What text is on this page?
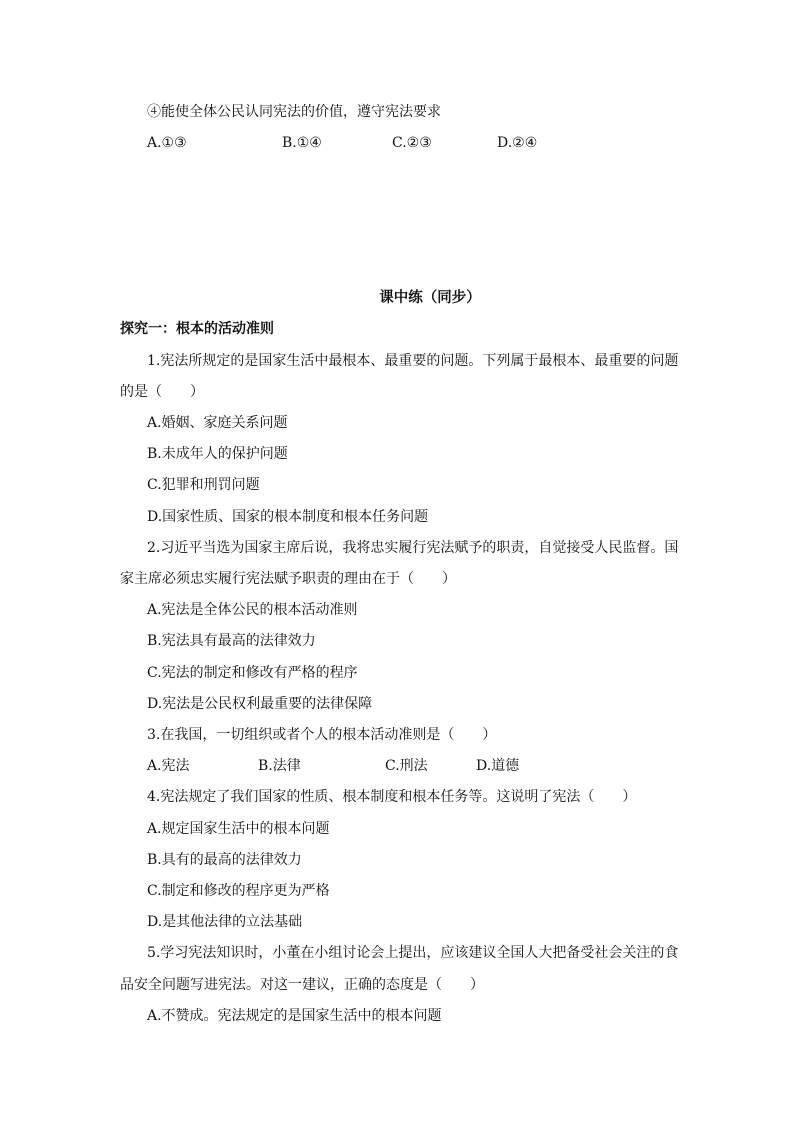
④能使全体公民认同宪法的价值，遵守宪法要求
A.①③	B.①④	C.②③	D.②④
课中练（同步）
探究一：根本的活动准则
1.宪法所规定的是国家生活中最根本、最重要的问题。下列属于最根本、最重要的问题
的是（　　）
A.婚姻、家庭关系问题
B.未成年人的保护问题
C.犯罪和刑罚问题
D.国家性质、国家的根本制度和根本任务问题
2.习近平当选为国家主席后说，我将忠实履行宪法赋予的职责，自觉接受人民监督。国
家主席必须忠实履行宪法赋予职责的理由在于（　　）
A.宪法是全体公民的根本活动准则
B.宪法具有最高的法律效力
C.宪法的制定和修改有严格的程序
D.宪法是公民权利最重要的法律保障
3.在我国，一切组织或者个人的根本活动准则是（　　）
A.宪法	B.法律	C.刑法	D.道德
4.宪法规定了我们国家的性质、根本制度和根本任务等。这说明了宪法（　　）
A.规定国家生活中的根本问题
B.具有的最高的法律效力
C.制定和修改的程序更为严格
D.是其他法律的立法基础
5.学习宪法知识时，小董在小组讨论会上提出，应该建议全国人大把备受社会关注的食
品安全问题写进宪法。对这一建议，正确的态度是（　　）
A.不赞成。宪法规定的是国家生活中的根本问题
